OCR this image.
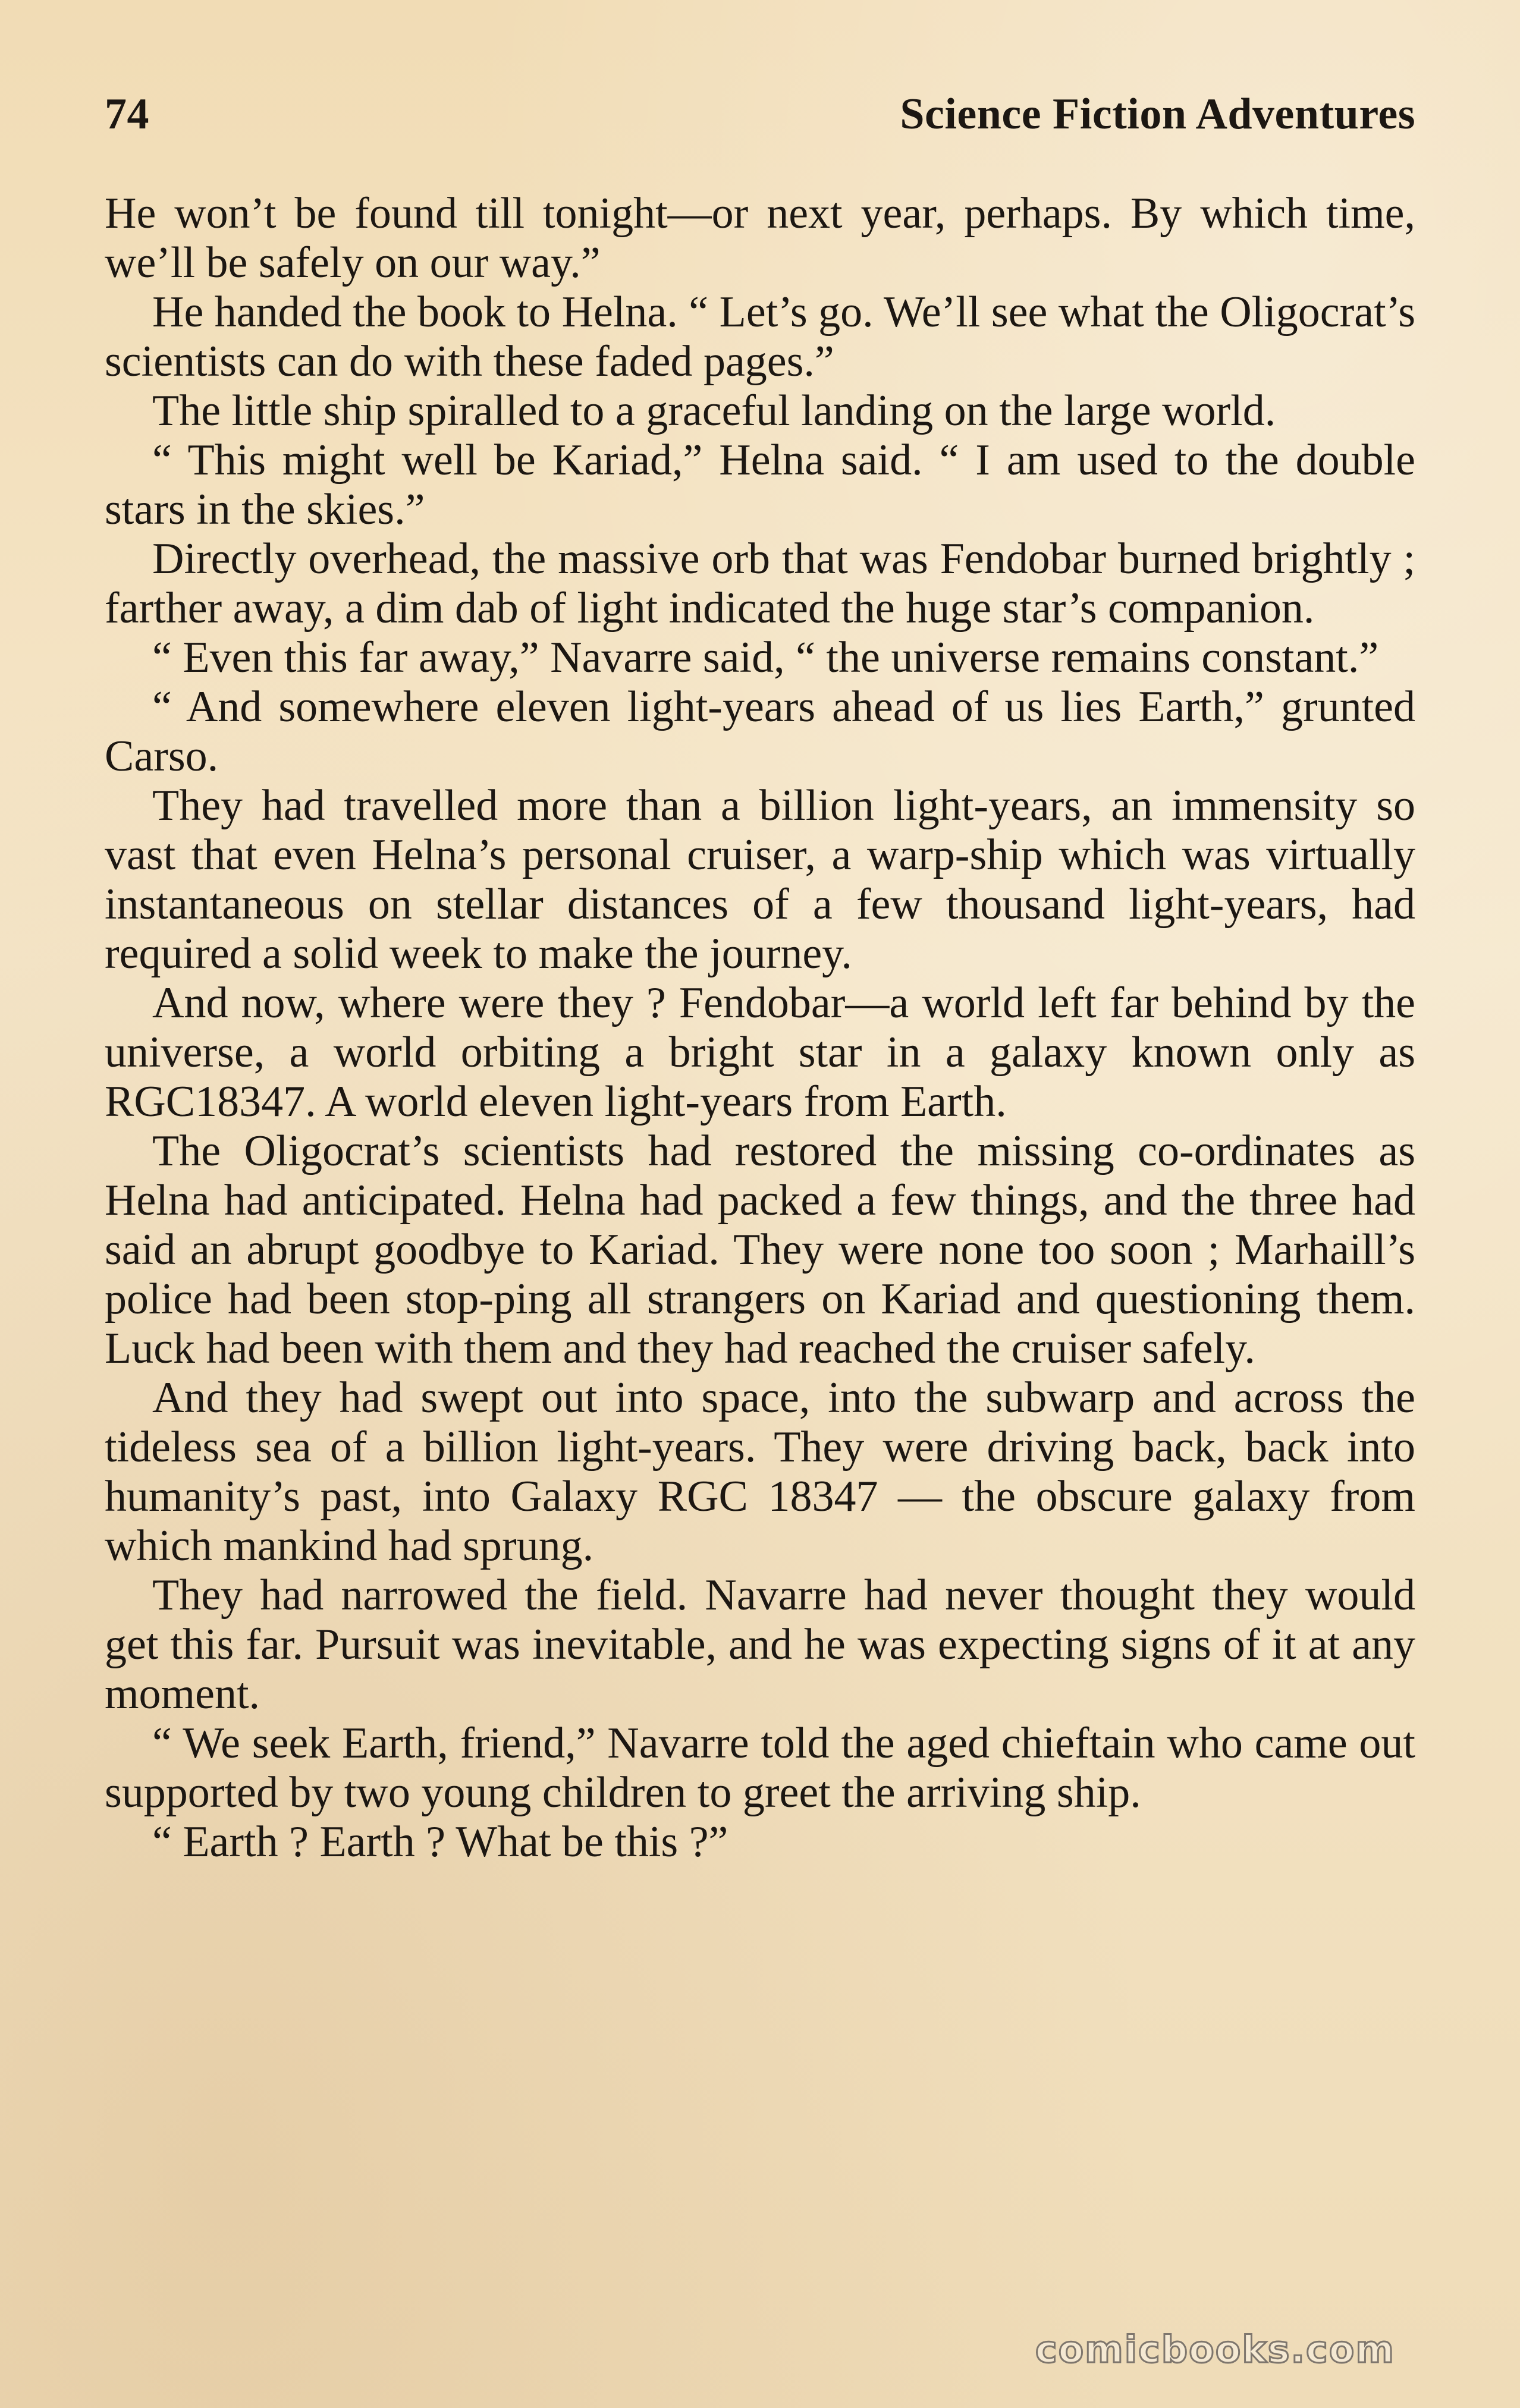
74	Science Fiction Adventures

He won’t be found till tonight—or next year, perhaps. By which time, we’ll be safely on our way.”

He handed the book to Helna. “ Let’s go. We’ll see what the Oligocrat’s scientists can do with these faded pages.”

The little ship spiralled to a graceful landing on the large world.

“ This might well be Kariad,” Helna said. “ I am used to the double stars in the skies.”

Directly overhead, the massive orb that was Fendobar burned brightly ; farther away, a dim dab of light indicated the huge star’s companion.

“ Even this far away,” Navarre said, “ the universe remains constant.”

“ And somewhere eleven light-years ahead of us lies Earth,” grunted Carso.

They had travelled more than a billion light-years, an immensity so vast that even Helna’s personal cruiser, a warp-ship which was virtually instantaneous on stellar distances of a few thousand light-years, had required a solid week to make the journey.

And now, where were they ? Fendobar—a world left far behind by the universe, a world orbiting a bright star in a galaxy known only as RGC18347. A world eleven light-years from Earth.

The Oligocrat’s scientists had restored the missing co-ordinates as Helna had anticipated. Helna had packed a few things, and the three had said an abrupt goodbye to Kariad. They were none too soon ; Marhaill’s police had been stop-ping all strangers on Kariad and questioning them. Luck had been with them and they had reached the cruiser safely.

And they had swept out into space, into the subwarp and across the tideless sea of a billion light-years. They were driving back, back into humanity’s past, into Galaxy RGC 18347 — the obscure galaxy from which mankind had sprung.

They had narrowed the field. Navarre had never thought they would get this far. Pursuit was inevitable, and he was expecting signs of it at any moment.

“ We seek Earth, friend,” Navarre told the aged chieftain who came out supported by two young children to greet the arriving ship.

“ Earth ? Earth ? What be this ?”

comicbooks.com
